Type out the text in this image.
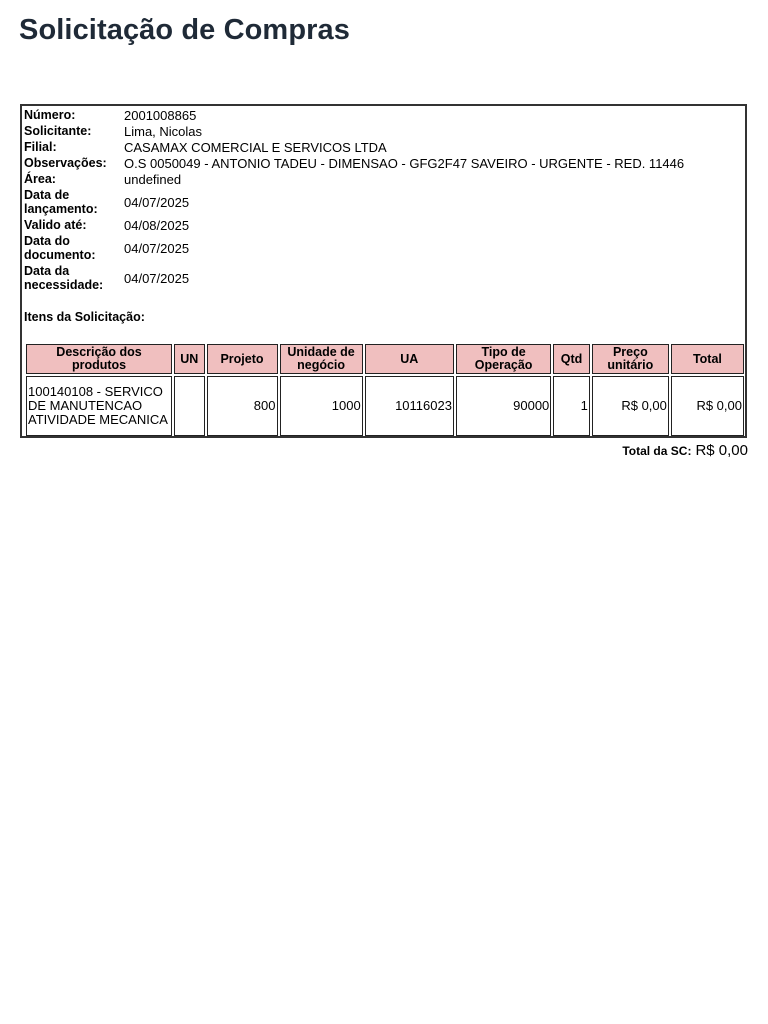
Solicitação de Compras
Número:	2001008865
Solicitante:	Lima, Nicolas
Filial:	CASAMAX COMERCIAL E SERVICOS LTDA
Observações:	O.S 0050049 - ANTONIO TADEU - DIMENSAO - GFG2F47 SAVEIRO - URGENTE - RED. 11446
Área:	undefined
Data de lançamento:	04/07/2025
Valido até:	04/08/2025
Data do documento:	04/07/2025
Data da necessidade:	04/07/2025
Itens da Solicitação:
Descrição dos produtos	UN	Projeto	Unidade de negócio	UA	Tipo de Operação	Qtd	Preço unitário	Total
100140108 - SERVICO DE MANUTENCAO ATIVIDADE MECANICA		800	1000	10116023	90000	1	R$ 0,00	R$ 0,00
Total da SC: R$ 0,00
